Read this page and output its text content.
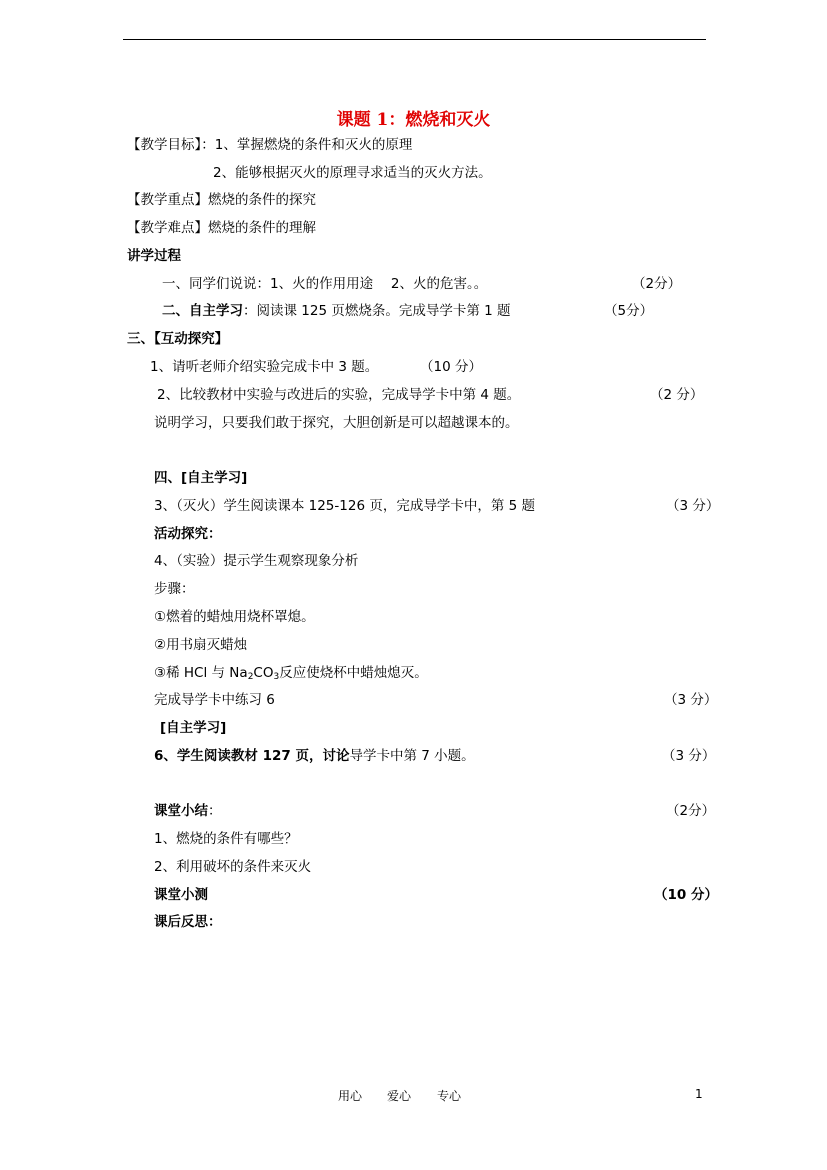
课题 1：燃烧和灭火
【教学目标】：1、掌握燃烧的条件和灭火的原理
2、能够根据灭火的原理寻求适当的灭火方法。
【教学重点】燃烧的条件的探究
【教学难点】燃烧的条件的理解
讲学过程
一、同学们说说：1、火的作用用途　 2、火的危害。。	（2分）
二、自主学习：阅读课 125 页燃烧条。完成导学卡第 1 题	（5分）
三、【互动探究】
1、请听老师介绍实验完成卡中 3 题。	（10 分）
2、比较教材中实验与改进后的实验，完成导学卡中第 4 题。	（2 分）
说明学习，只要我们敢于探究，大胆创新是可以超越课本的。
四、[自主学习]
3、（灭火）学生阅读课本 125-126 页，完成导学卡中，第 5 题	（3 分）
活动探究：
4、（实验）提示学生观察现象分析
步骤：
①燃着的蜡烛用烧杯罩熄。
②用书扇灭蜡烛
③稀 HCl 与 $Na_2CO_3$反应使烧杯中蜡烛熄灭。
完成导学卡中练习 6	（3 分）
[自主学习]
6、学生阅读教材 127 页，讨论导学卡中第 7 小题。	（3 分）
课堂小结：	（2分）
1、燃烧的条件有哪些？
2、利用破坏的条件来灭火
课堂小测	（10 分）
课后反思：
用心 爱心 专心	1
